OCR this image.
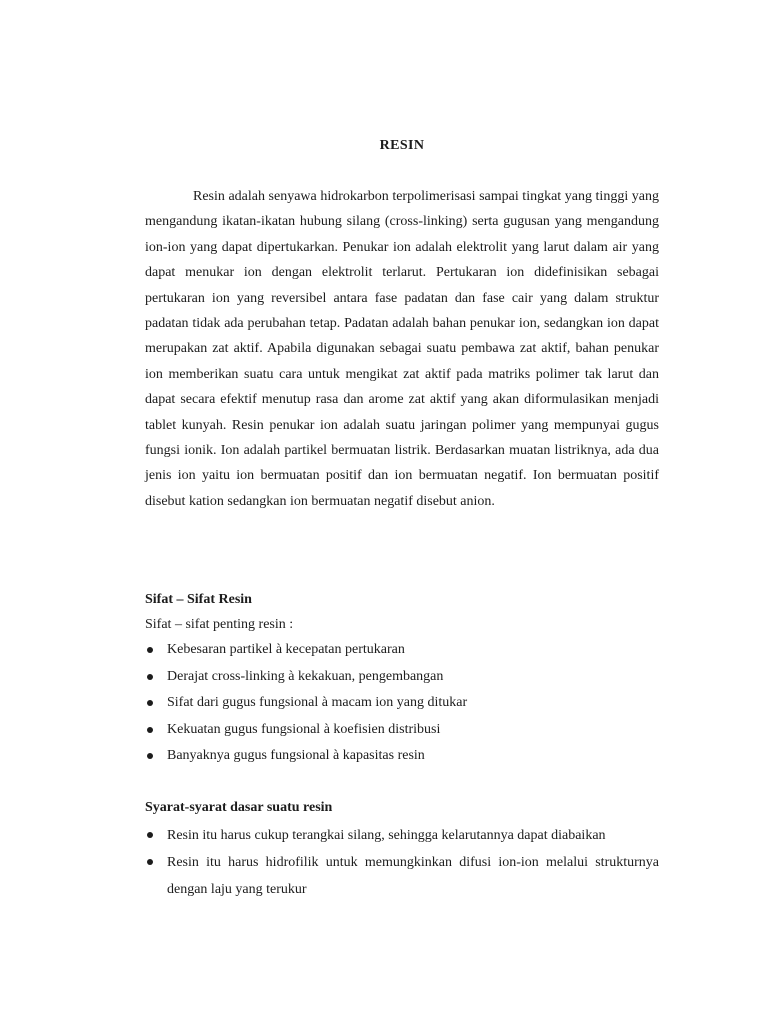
RESIN

Resin adalah senyawa hidrokarbon terpolimerisasi sampai tingkat yang tinggi yang mengandung ikatan-ikatan hubung silang (cross-linking) serta gugusan yang mengandung ion-ion yang dapat dipertukarkan. Penukar ion adalah elektrolit yang larut dalam air yang dapat menukar ion dengan elektrolit terlarut. Pertukaran ion didefinisikan sebagai pertukaran ion yang reversibel antara fase padatan dan fase cair yang dalam struktur padatan tidak ada perubahan tetap. Padatan adalah bahan penukar ion, sedangkan ion dapat merupakan zat aktif. Apabila digunakan sebagai suatu pembawa zat aktif, bahan penukar ion memberikan suatu cara untuk mengikat zat aktif pada matriks polimer tak larut dan dapat secara efektif menutup rasa dan arome zat aktif yang akan diformulasikan menjadi tablet kunyah. Resin penukar ion adalah suatu jaringan polimer yang mempunyai gugus fungsi ionik. Ion adalah partikel bermuatan listrik. Berdasarkan muatan listriknya, ada dua jenis ion yaitu ion bermuatan positif dan ion bermuatan negatif. Ion bermuatan positif disebut kation sedangkan ion bermuatan negatif disebut anion.

Sifat – Sifat Resin
Sifat – sifat penting resin :
Kebesaran partikel à kecepatan pertukaran
Derajat cross-linking à kekakuan, pengembangan
Sifat dari gugus fungsional à macam ion yang ditukar
Kekuatan gugus fungsional à koefisien distribusi
Banyaknya gugus fungsional à kapasitas resin
Syarat-syarat dasar suatu resin
Resin itu harus cukup terangkai silang, sehingga kelarutannya dapat diabaikan
Resin itu harus hidrofilik untuk memungkinkan difusi ion-ion melalui strukturnya dengan laju yang terukur
